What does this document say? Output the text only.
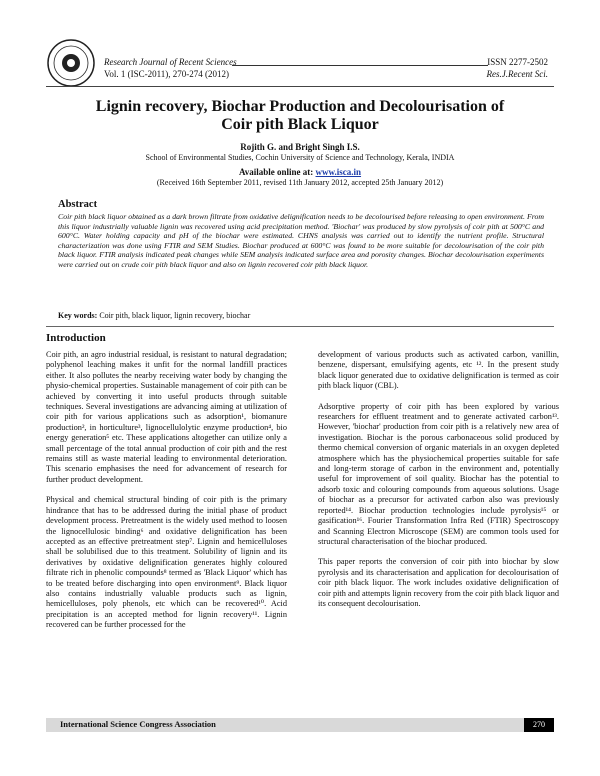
Research Journal of Recent Sciences
Vol. 1 (ISC-2011), 270-274 (2012)
ISSN 2277-2502
Res.J.Recent Sci.
Lignin recovery, Biochar Production and Decolourisation of
Coir pith Black Liquor
Rojith G. and Bright Singh I.S.
School of Environmental Studies, Cochin University of Science and Technology, Kerala, INDIA
Available online at: www.isca.in
(Received 16th September 2011, revised 11th January 2012, accepted 25th January 2012)
Abstract
Coir pith black liquor obtained as a dark brown filtrate from oxidative delignification needs to be decolourised before releasing to open environment. From this liquor industrially valuable lignin was recovered using acid precipitation method. 'Biochar' was produced by slow pyrolysis of coir pith at 500°C and 600°C. Water holding capacity and pH of the biochar were estimated. CHNS analysis was carried out to identify the nutrient profile. Structural characterization was done using FTIR and SEM Studies. Biochar produced at 600°C was found to be more suitable for decolourisation of the coir pith black liquor. FTIR analysis indicated peak changes while SEM analysis indicated surface area and porosity changes. Biochar decolourisation experiments were carried out on crude coir pith black liquor and also on lignin recovered coir pith black liquor.
Key words: Coir pith, black liquor, lignin recovery, biochar
Introduction

Coir pith, an agro industrial residual, is resistant to natural degradation; polyphenol leaching makes it unfit for the normal landfill practices either. It also pollutes the nearby receiving water body by changing the physio-chemical properties. Sustainable management of coir pith can be achieved by converting it into useful products through suitable techniques. Several investigations are advancing aiming at utilization of coir pith for various applications such as adsorption¹, biomanure production², in horticulture³, lignocellulolytic enzyme production⁴, bio energy generation⁵ etc. These applications altogether can utilize only a small percentage of the total annual production of coir pith and the rest remains still as waste material leading to environmental deterioration. This scenario emphasises the need for advancement of research for further product development.

Physical and chemical structural binding of coir pith is the primary hindrance that has to be addressed during the initial phase of product development process. Pretreatment is the widely used method to loosen the lignocellulosic binding⁶ and oxidative delignification has been accepted as an effective pretreatment step⁷. Lignin and hemicelluloses shall be solubilised due to this treatment. Solubility of lignin and its derivatives by oxidative delignification generates highly coloured filtrate rich in phenolic compounds⁸ termed as 'Black Liquor' which has to be treated before discharging into open environment⁹. Black liquor also contains industrially valuable products such as lignin, hemicelluloses, poly phenols, etc which can be recovered¹⁰. Acid precipitation is an accepted method for lignin recovery¹¹. Lignin recovered can be further processed for the

development of various products such as activated carbon, vanillin, benzene, dispersant, emulsifying agents, etc ¹². In the present study black liquor generated due to oxidative delignification is termed as coir pith black liquor (CBL).

Adsorptive property of coir pith has been explored by various researchers for effluent treatment and to generate activated carbon¹³. However, 'biochar' production from coir pith is a relatively new area of investigation. Biochar is the porous carbonaceous solid produced by thermo chemical conversion of organic materials in an oxygen depleted atmosphere which has the physiochemical properties suitable for safe and long-term storage of carbon in the environment and, potentially useful for improvement of soil quality. Biochar has the potential to adsorb toxic and colouring compounds from aqueous solutions. Usage of biochar as a precursor for activated carbon also was previously reported¹⁴. Biochar production technologies include pyrolysis¹⁵ or gasification¹⁶. Fourier Transformation Infra Red (FTIR) Spectroscopy and Scanning Electron Microscope (SEM) are common tools used for structural characterisation of the biochar produced.

This paper reports the conversion of coir pith into biochar by slow pyrolysis and its characterisation and application for decolourisation of coir pith black liquor. The work includes oxidative delignification of coir pith and attempts lignin recovery from the coir pith black liquor and its consequent decolourisation.

International Science Congress Association	270
